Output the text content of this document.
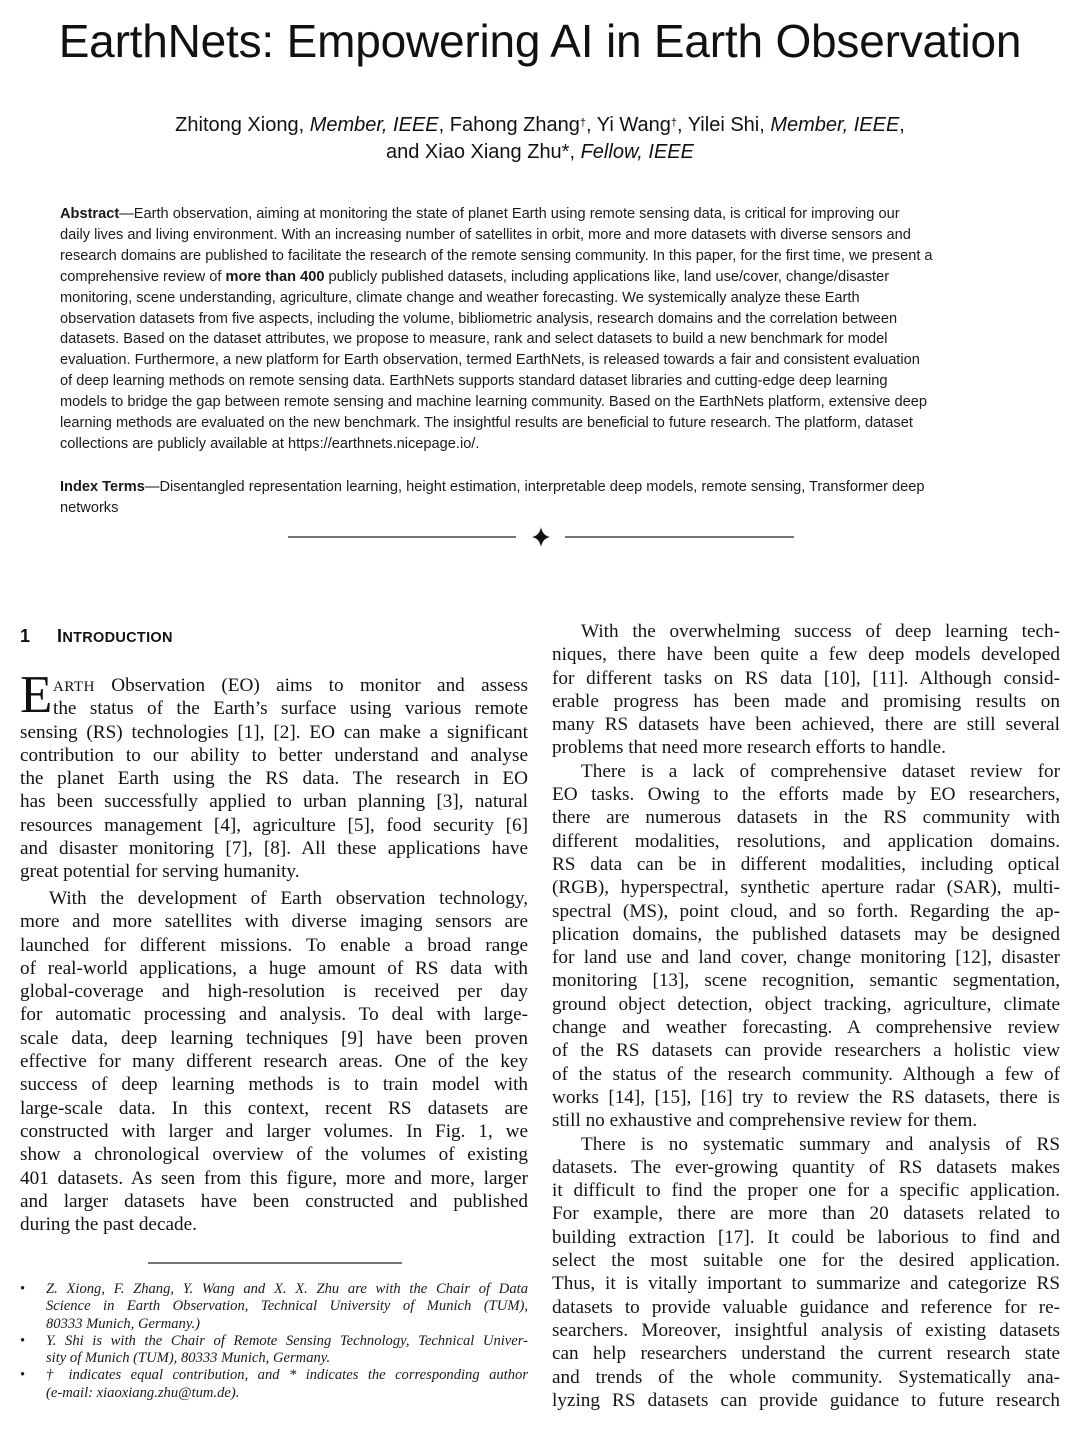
EarthNets: Empowering AI in Earth Observation
Zhitong Xiong, Member, IEEE, Fahong Zhang†, Yi Wang†, Yilei Shi, Member, IEEE,
and Xiao Xiang Zhu*, Fellow, IEEE
Abstract—Earth observation, aiming at monitoring the state of planet Earth using remote sensing data, is critical for improving our
daily lives and living environment. With an increasing number of satellites in orbit, more and more datasets with diverse sensors and
research domains are published to facilitate the research of the remote sensing community. In this paper, for the first time, we present a
comprehensive review of more than 400 publicly published datasets, including applications like, land use/cover, change/disaster
monitoring, scene understanding, agriculture, climate change and weather forecasting. We systemically analyze these Earth
observation datasets from five aspects, including the volume, bibliometric analysis, research domains and the correlation between
datasets. Based on the dataset attributes, we propose to measure, rank and select datasets to build a new benchmark for model
evaluation. Furthermore, a new platform for Earth observation, termed EarthNets, is released towards a fair and consistent evaluation
of deep learning methods on remote sensing data. EarthNets supports standard dataset libraries and cutting-edge deep learning
models to bridge the gap between remote sensing and machine learning community. Based on the EarthNets platform, extensive deep
learning methods are evaluated on the new benchmark. The insightful results are beneficial to future research. The platform, dataset
collections are publicly available at https://earthnets.nicepage.io/.
Index Terms—Disentangled representation learning, height estimation, interpretable deep models, remote sensing, Transformer deep
networks
1 INTRODUCTION
E ARTH Observation (EO) aims to monitor and assess
the status of the Earth’s surface using various remote
sensing (RS) technologies [1], [2]. EO can make a significant
contribution to our ability to better understand and analyse
the planet Earth using the RS data. The research in EO
has been successfully applied to urban planning [3], natural
resources management [4], agriculture [5], food security [6]
and disaster monitoring [7], [8]. All these applications have
great potential for serving humanity.
With the development of Earth observation technology,
more and more satellites with diverse imaging sensors are
launched for different missions. To enable a broad range
of real-world applications, a huge amount of RS data with
global-coverage and high-resolution is received per day
for automatic processing and analysis. To deal with large-
scale data, deep learning techniques [9] have been proven
effective for many different research areas. One of the key
success of deep learning methods is to train model with
large-scale data. In this context, recent RS datasets are
constructed with larger and larger volumes. In Fig. 1, we
show a chronological overview of the volumes of existing
401 datasets. As seen from this figure, more and more, larger
and larger datasets have been constructed and published
during the past decade.
• Z. Xiong, F. Zhang, Y. Wang and X. X. Zhu are with the Chair of Data
Science in Earth Observation, Technical University of Munich (TUM),
80333 Munich, Germany.)
• Y. Shi is with the Chair of Remote Sensing Technology, Technical Univer-
sity of Munich (TUM), 80333 Munich, Germany.
• † indicates equal contribution, and * indicates the corresponding author
(e-mail: xiaoxiang.zhu@tum.de).
With the overwhelming success of deep learning tech-
niques, there have been quite a few deep models developed
for different tasks on RS data [10], [11]. Although consid-
erable progress has been made and promising results on
many RS datasets have been achieved, there are still several
problems that need more research efforts to handle.
There is a lack of comprehensive dataset review for
EO tasks. Owing to the efforts made by EO researchers,
there are numerous datasets in the RS community with
different modalities, resolutions, and application domains.
RS data can be in different modalities, including optical
(RGB), hyperspectral, synthetic aperture radar (SAR), multi-
spectral (MS), point cloud, and so forth. Regarding the ap-
plication domains, the published datasets may be designed
for land use and land cover, change monitoring [12], disaster
monitoring [13], scene recognition, semantic segmentation,
ground object detection, object tracking, agriculture, climate
change and weather forecasting. A comprehensive review
of the RS datasets can provide researchers a holistic view
of the status of the research community. Although a few of
works [14], [15], [16] try to review the RS datasets, there is
still no exhaustive and comprehensive review for them.
There is no systematic summary and analysis of RS
datasets. The ever-growing quantity of RS datasets makes
it difficult to find the proper one for a specific application.
For example, there are more than 20 datasets related to
building extraction [17]. It could be laborious to find and
select the most suitable one for the desired application.
Thus, it is vitally important to summarize and categorize RS
datasets to provide valuable guidance and reference for re-
searchers. Moreover, insightful analysis of existing datasets
can help researchers understand the current research state
and trends of the whole community. Systematically ana-
lyzing RS datasets can provide guidance to future research
